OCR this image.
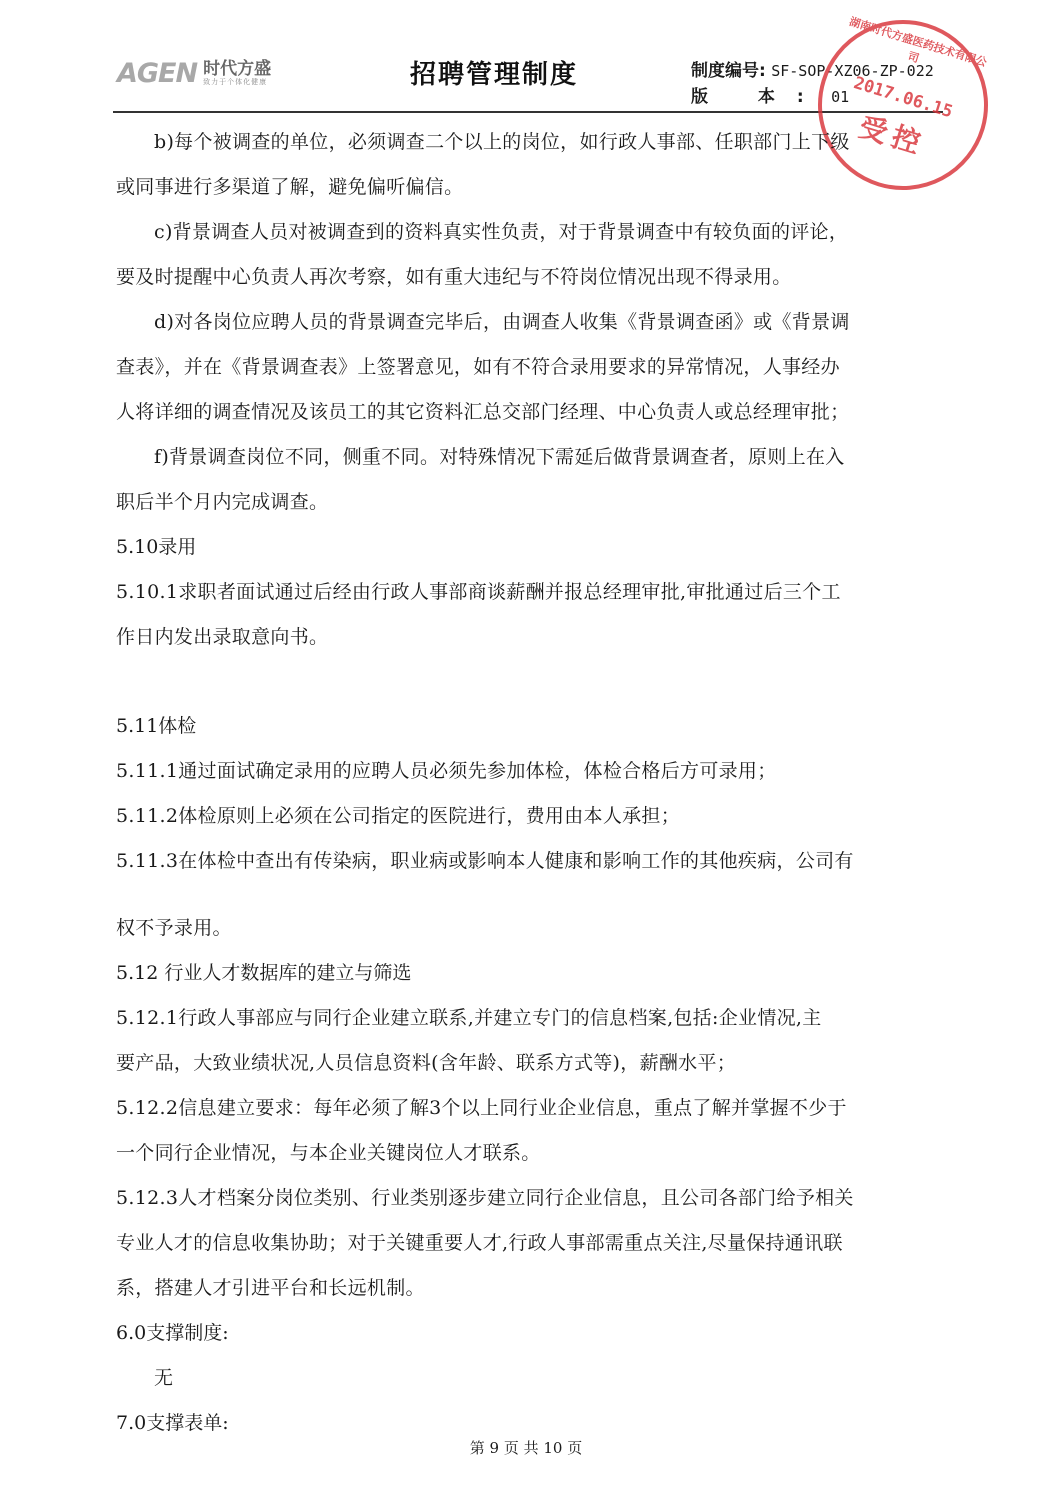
AGEN 时代方盛
致力于个体化健康	招聘管理制度	制度编号: SF-SOP-XZ06-ZP-022
版 本: 01
湖南时代方盛医药技术有限公司
2017.06.15
受控
b)每个被调查的单位，必须调查二个以上的岗位，如行政人事部、任职部门上下级
或同事进行多渠道了解，避免偏听偏信。
c)背景调查人员对被调查到的资料真实性负责，对于背景调查中有较负面的评论，
要及时提醒中心负责人再次考察，如有重大违纪与不符岗位情况出现不得录用。
d)对各岗位应聘人员的背景调查完毕后，由调查人收集《背景调查函》或《背景调
查表》，并在《背景调查表》上签署意见，如有不符合录用要求的异常情况，人事经办
人将详细的调查情况及该员工的其它资料汇总交部门经理、中心负责人或总经理审批；
f)背景调查岗位不同，侧重不同。对特殊情况下需延后做背景调查者，原则上在入
职后半个月内完成调查。
5.10录用
5.10.1求职者面试通过后经由行政人事部商谈薪酬并报总经理审批,审批通过后三个工
作日内发出录取意向书。
5.11体检
5.11.1通过面试确定录用的应聘人员必须先参加体检，体检合格后方可录用；
5.11.2体检原则上必须在公司指定的医院进行，费用由本人承担；
5.11.3在体检中查出有传染病，职业病或影响本人健康和影响工作的其他疾病，公司有
权不予录用。
5.12 行业人才数据库的建立与筛选
5.12.1行政人事部应与同行企业建立联系,并建立专门的信息档案,包括:企业情况,主
要产品，大致业绩状况,人员信息资料(含年龄、联系方式等)，薪酬水平；
5.12.2信息建立要求：每年必须了解3个以上同行业企业信息，重点了解并掌握不少于
一个同行企业情况，与本企业关键岗位人才联系。
5.12.3人才档案分岗位类别、行业类别逐步建立同行企业信息，且公司各部门给予相关
专业人才的信息收集协助；对于关键重要人才,行政人事部需重点关注,尽量保持通讯联
系，搭建人才引进平台和长远机制。
6.0支撑制度:
无
7.0支撑表单:
第 9 页 共 10 页
